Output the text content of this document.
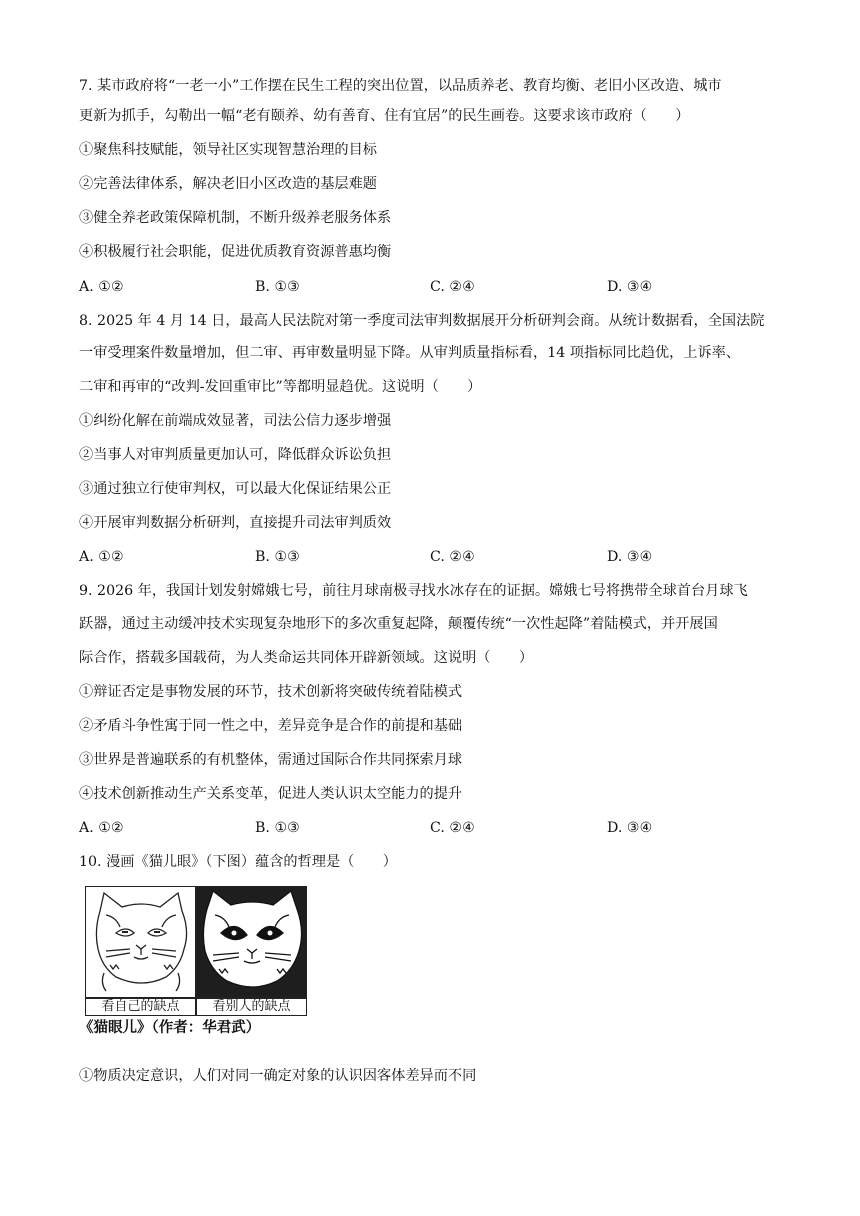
7. 某市政府将“一老一小”工作摆在民生工程的突出位置，以品质养老、教育均衡、老旧小区改造、城市
更新为抓手，勾勒出一幅“老有颐养、幼有善育、住有宜居”的民生画卷。这要求该市政府（　　）
①聚焦科技赋能，领导社区实现智慧治理的目标
②完善法律体系，解决老旧小区改造的基层难题
③健全养老政策保障机制，不断升级养老服务体系
④积极履行社会职能，促进优质教育资源普惠均衡
A. ①②	B. ①③	C. ②④	D. ③④
8. 2025 年 4 月 14 日，最高人民法院对第一季度司法审判数据展开分析研判会商。从统计数据看，全国法院
一审受理案件数量增加，但二审、再审数量明显下降。从审判质量指标看，14 项指标同比趋优，上诉率、
二审和再审的“改判-发回重审比”等都明显趋优。这说明（　　）
①纠纷化解在前端成效显著，司法公信力逐步增强
②当事人对审判质量更加认可，降低群众诉讼负担
③通过独立行使审判权，可以最大化保证结果公正
④开展审判数据分析研判，直接提升司法审判质效
A. ①②	B. ①③	C. ②④	D. ③④
9. 2026 年，我国计划发射嫦娥七号，前往月球南极寻找水冰存在的证据。嫦娥七号将携带全球首台月球飞
跃器，通过主动缓冲技术实现复杂地形下的多次重复起降，颠覆传统“一次性起降”着陆模式，并开展国
际合作，搭载多国载荷，为人类命运共同体开辟新领域。这说明（　　）
①辩证否定是事物发展的环节，技术创新将突破传统着陆模式
②矛盾斗争性寓于同一性之中，差异竞争是合作的前提和基础
③世界是普遍联系的有机整体，需通过国际合作共同探索月球
④技术创新推动生产关系变革，促进人类认识太空能力的提升
A. ①②	B. ①③	C. ②④	D. ③④
10. 漫画《猫儿眼》（下图）蕴含的哲理是（　　）
看自己的缺点	看别人的缺点
《猫眼儿》（作者：华君武）
①物质决定意识，人们对同一确定对象的认识因客体差异而不同
